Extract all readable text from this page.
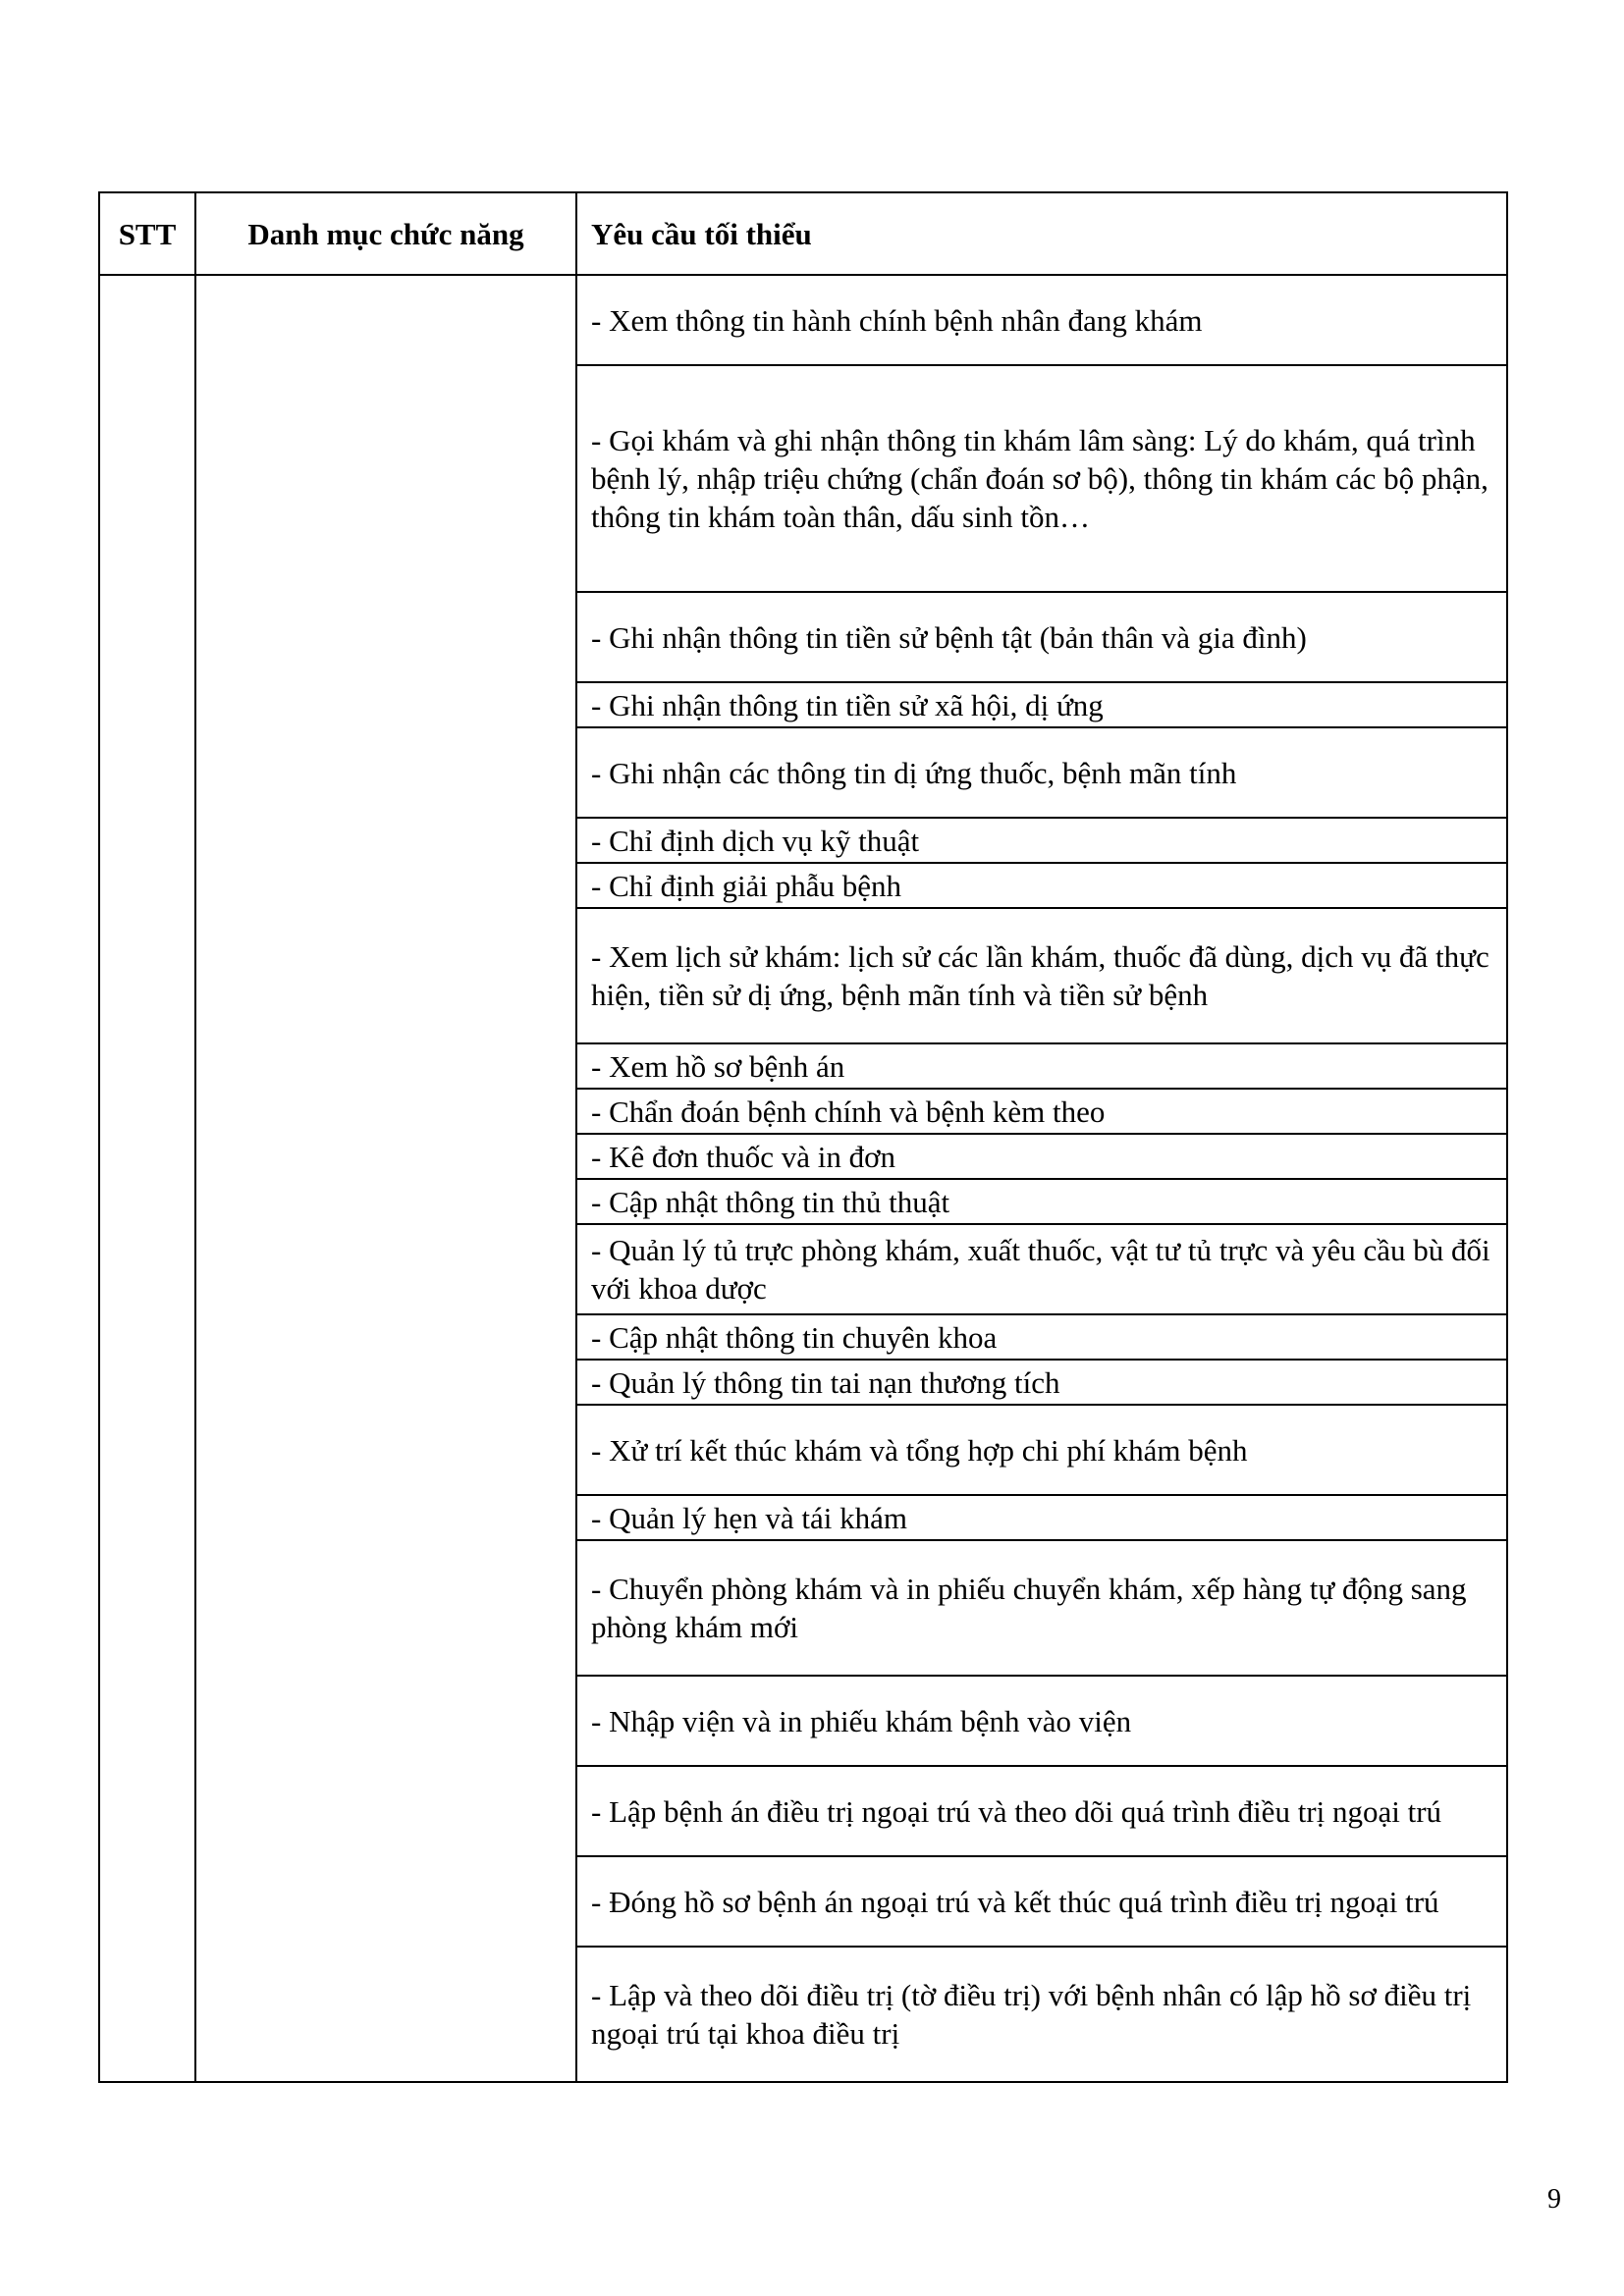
STT	Danh mục chức năng	Yêu cầu tối thiểu
		- Xem thông tin hành chính bệnh nhân đang khám
		- Gọi khám và ghi nhận thông tin khám lâm sàng: Lý do khám, quá trình bệnh lý, nhập triệu chứng (chẩn đoán sơ bộ), thông tin khám các bộ phận, thông tin khám toàn thân, dấu sinh tồn…
		- Ghi nhận thông tin tiền sử bệnh tật (bản thân và gia đình)
		- Ghi nhận thông tin tiền sử xã hội, dị ứng
		- Ghi nhận các thông tin dị ứng thuốc, bệnh mãn tính
		- Chỉ định dịch vụ kỹ thuật
		- Chỉ định giải phẫu bệnh
		- Xem lịch sử khám: lịch sử các lần khám, thuốc đã dùng, dịch vụ đã thực hiện, tiền sử dị ứng, bệnh mãn tính và tiền sử bệnh
		- Xem hồ sơ bệnh án
		- Chẩn đoán bệnh chính và bệnh kèm theo
		- Kê đơn thuốc và in đơn
		- Cập nhật thông tin thủ thuật
		- Quản lý tủ trực phòng khám, xuất thuốc, vật tư tủ trực và yêu cầu bù đối với khoa dược
		- Cập nhật thông tin chuyên khoa
		- Quản lý thông tin tai nạn thương tích
		- Xử trí kết thúc khám và tổng hợp chi phí khám bệnh
		- Quản lý hẹn và tái khám
		- Chuyển phòng khám và in phiếu chuyển khám, xếp hàng tự động sang phòng khám mới
		- Nhập viện và in phiếu khám bệnh vào viện
		- Lập bệnh án điều trị ngoại trú và theo dõi quá trình điều trị ngoại trú
		- Đóng hồ sơ bệnh án ngoại trú và kết thúc quá trình điều trị ngoại trú
		- Lập và theo dõi điều trị (tờ điều trị) với bệnh nhân có lập hồ sơ điều trị ngoại trú tại khoa điều trị
9
